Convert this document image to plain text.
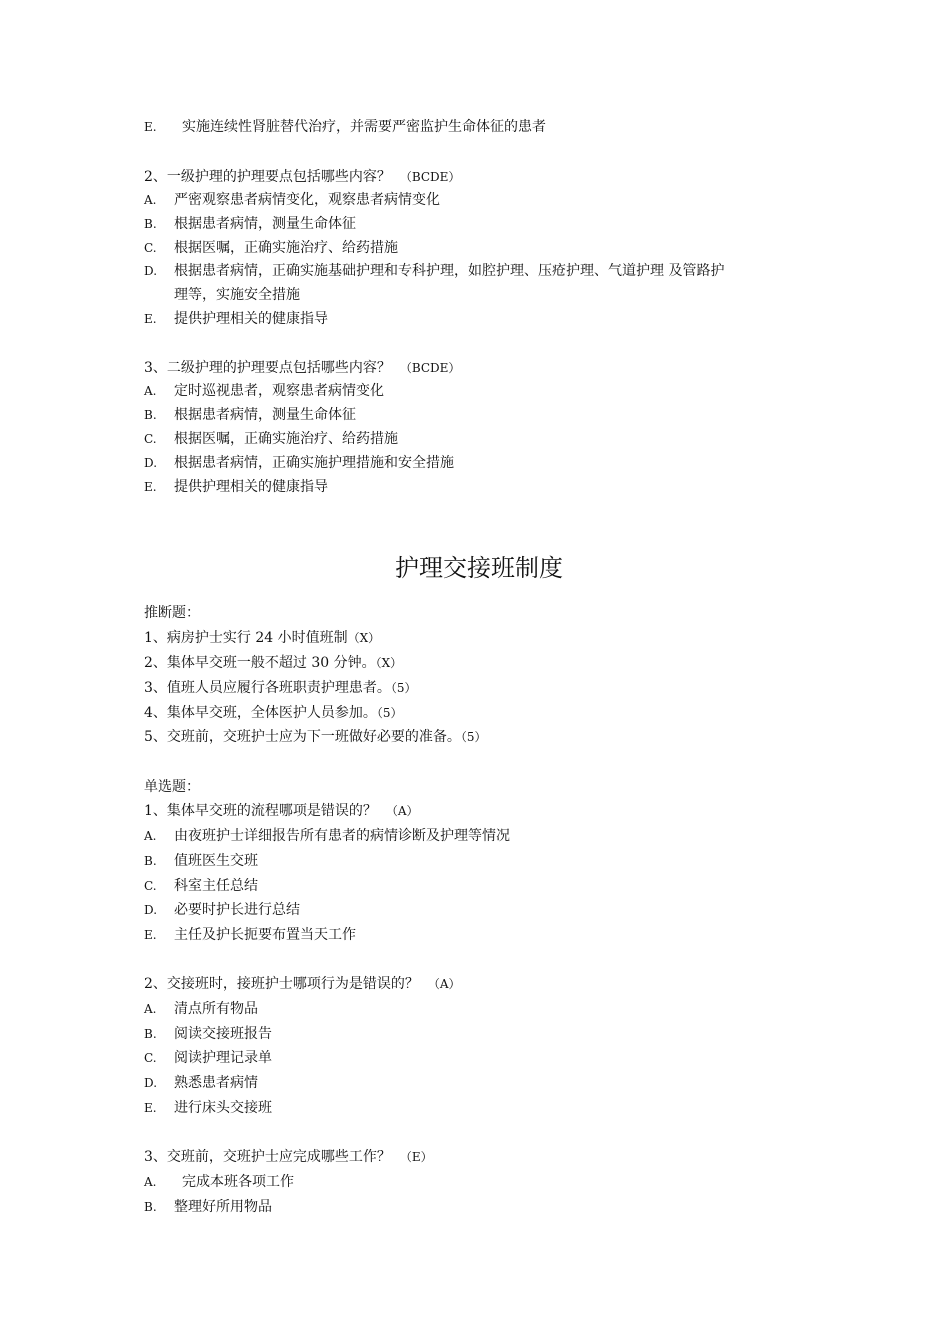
E.	实施连续性肾脏替代治疗，并需要严密监护生命体征的患者
2、一级护理的护理要点包括哪些内容？ （BCDE）
A.	严密观察患者病情变化，观察患者病情变化
B.	根据患者病情，测量生命体征
C.	根据医嘱，正确实施治疗、给药措施
D.	根据患者病情，正确实施基础护理和专科护理，如腔护理、压疮护理、气道护理 及管路护
理等，实施安全措施
E.	提供护理相关的健康指导
3、二级护理的护理要点包括哪些内容？ （BCDE）
A.	定时巡视患者，观察患者病情变化
B.	根据患者病情，测量生命体征
C.	根据医嘱，正确实施治疗、给药措施
D.	根据患者病情，正确实施护理措施和安全措施
E.	提供护理相关的健康指导
护理交接班制度
推断题：
1、病房护士实行 24 小时值班制（X）
2、集体早交班一般不超过 30 分钟。（X）
3、值班人员应履行各班职责护理患者。（5）
4、集体早交班，全体医护人员参加。（5）
5、交班前，交班护士应为下一班做好必要的准备。（5）
单选题：
1、集体早交班的流程哪项是错误的？ （A）
A.	由夜班护士详细报告所有患者的病情诊断及护理等情况
B.	值班医生交班
C.	科室主任总结
D.	必要时护长进行总结
E.	主任及护长扼要布置当天工作
2、交接班时，接班护士哪项行为是错误的？ （A）
A.	清点所有物品
B.	阅读交接班报告
C.	阅读护理记录单
D.	熟悉患者病情
E.	进行床头交接班
3、交班前，交班护士应完成哪些工作？ （E）
A.	完成本班各项工作
B.	整理好所用物品
